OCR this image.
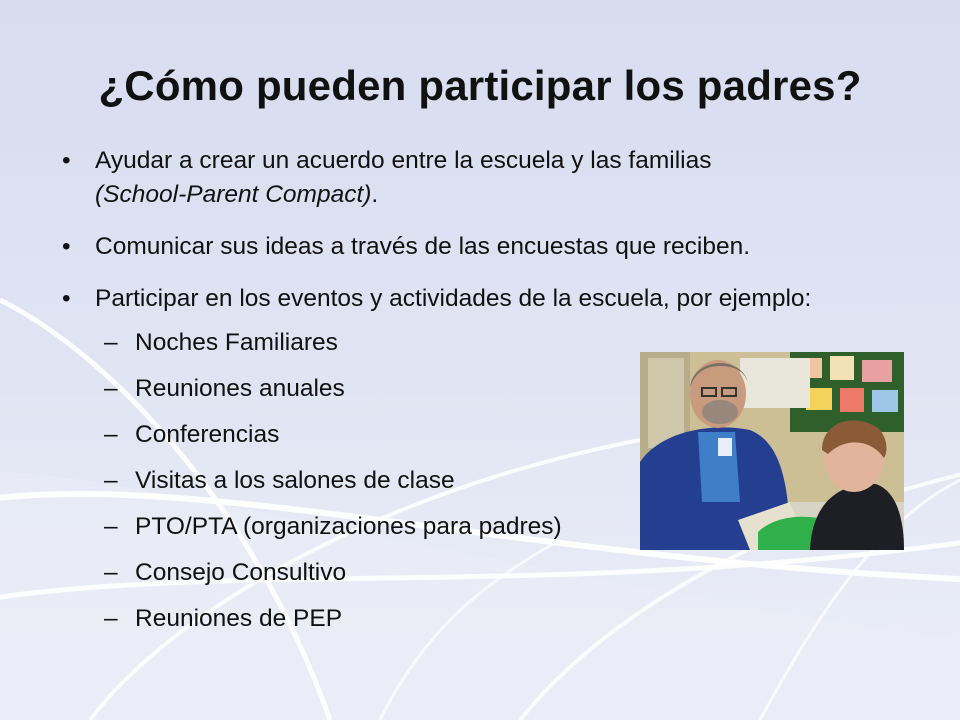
¿Cómo pueden participar los padres?
• Ayudar a crear un acuerdo entre la escuela y las familias
(School-Parent Compact).
• Comunicar sus ideas a través de las encuestas que reciben.
• Participar en los eventos y actividades de la escuela, por ejemplo:
– Noches Familiares
– Reuniones anuales
– Conferencias
– Visitas a los salones de clase
– PTO/PTA (organizaciones para padres)
– Consejo Consultivo
– Reuniones de PEP
